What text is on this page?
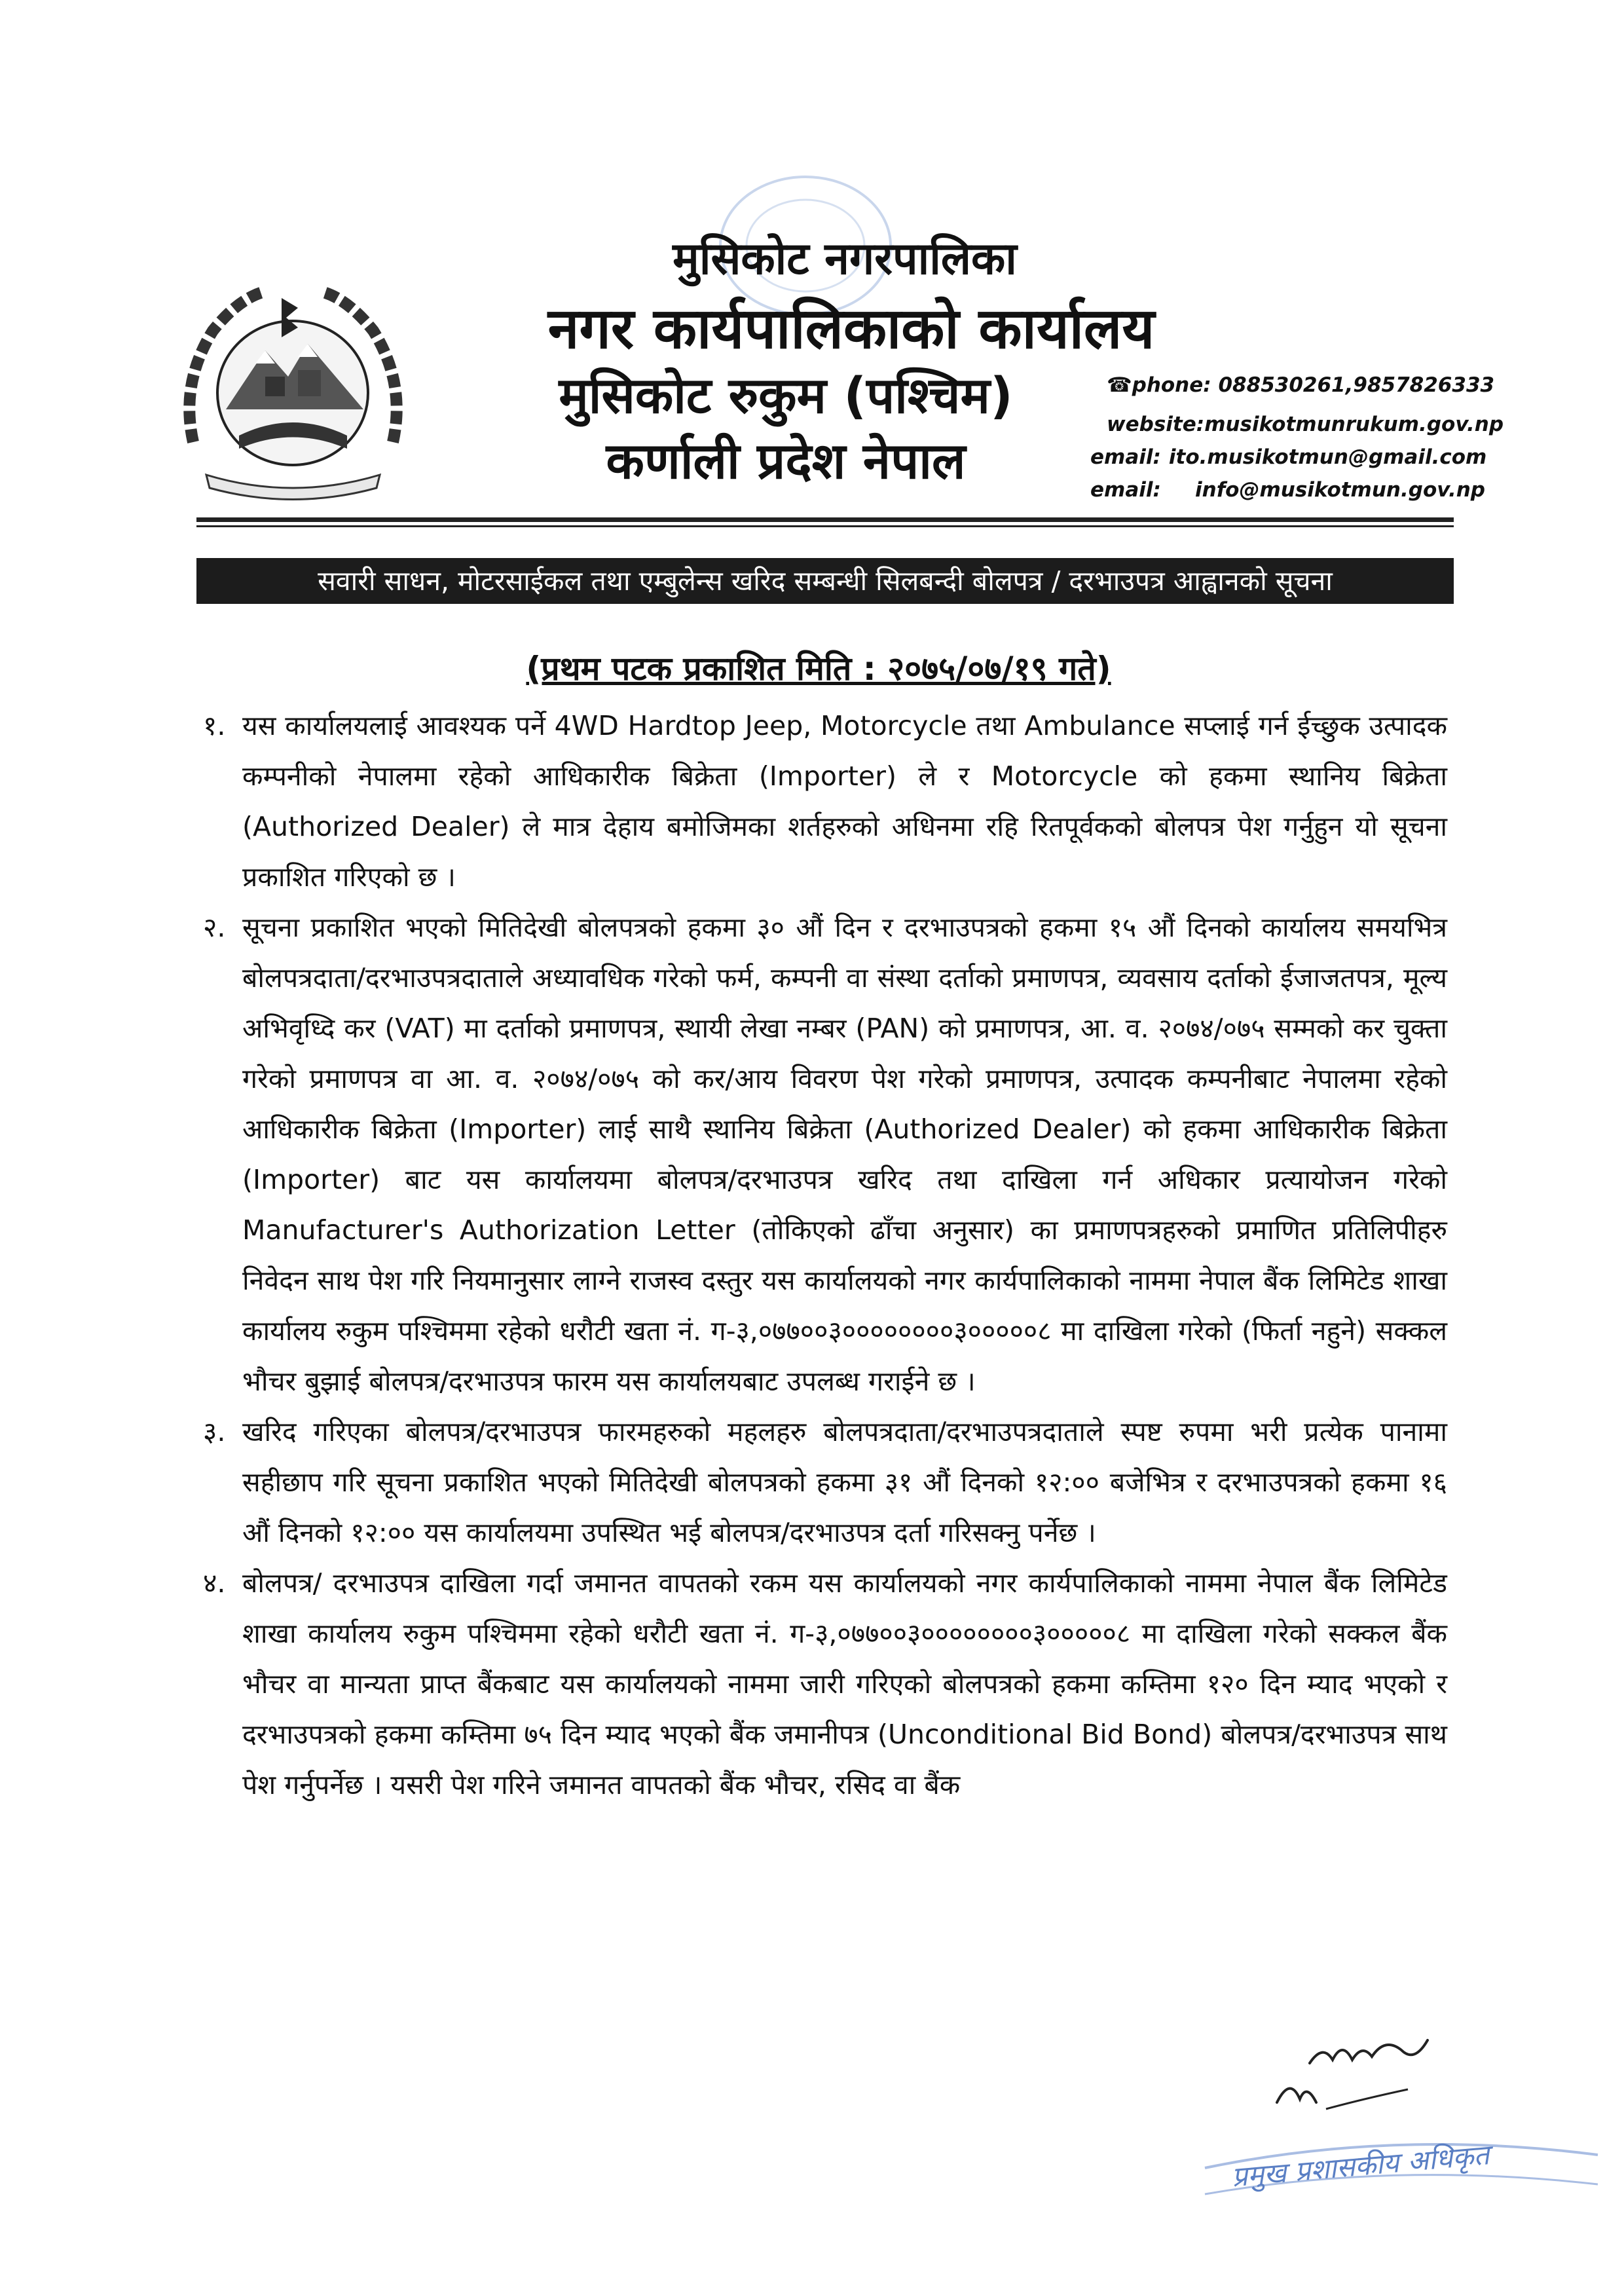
मुसिकोट नगरपालिका
नगर कार्यपालिकाको कार्यालय
मुसिकोट रुकुम (पश्चिम)
कर्णाली प्रदेश नेपाल
☎phone: 088530261,9857826333
website:musikotmunrukum.gov.np
email: ito.musikotmun@gmail.com
email: info@musikotmun.gov.np
सवारी साधन, मोटरसाईकल तथा एम्बुलेन्स खरिद सम्बन्धी सिलबन्दी बोलपत्र / दरभाउपत्र आह्वानको सूचना
(प्रथम पटक प्रकाशित मिति : २०७५/०७/१९ गते)

१. यस कार्यालयलाई आवश्यक पर्ने 4WD Hardtop Jeep, Motorcycle तथा Ambulance सप्लाई गर्न ईच्छुक उत्पादक कम्पनीको नेपालमा रहेको आधिकारीक बिक्रेता (Importer) ले र Motorcycle को हकमा स्थानिय बिक्रेता (Authorized Dealer) ले मात्र देहाय बमोजिमका शर्तहरुको अधिनमा रहि रितपूर्वकको बोलपत्र पेश गर्नुहुन यो सूचना प्रकाशित गरिएको छ ।

२. सूचना प्रकाशित भएको मितिदेखी बोलपत्रको हकमा ३० औं दिन र दरभाउपत्रको हकमा १५ औं दिनको कार्यालय समयभित्र बोलपत्रदाता/दरभाउपत्रदाताले अध्यावधिक गरेको फर्म, कम्पनी वा संस्था दर्ताको प्रमाणपत्र, व्यवसाय दर्ताको ईजाजतपत्र, मूल्य अभिवृध्दि कर (VAT) मा दर्ताको प्रमाणपत्र, स्थायी लेखा नम्बर (PAN) को प्रमाणपत्र, आ. व. २०७४/०७५ सम्मको कर चुक्ता गरेको प्रमाणपत्र वा आ. व. २०७४/०७५ को कर/आय विवरण पेश गरेको प्रमाणपत्र, उत्पादक कम्पनीबाट नेपालमा रहेको आधिकारीक बिक्रेता (Importer) लाई साथै स्थानिय बिक्रेता (Authorized Dealer) को हकमा आधिकारीक बिक्रेता (Importer) बाट यस कार्यालयमा बोलपत्र/दरभाउपत्र खरिद तथा दाखिला गर्न अधिकार प्रत्यायोजन गरेको Manufacturer's Authorization Letter (तोकिएको ढाँचा अनुसार) का प्रमाणपत्रहरुको प्रमाणित प्रतिलिपीहरु निवेदन साथ पेश गरि नियमानुसार लाग्ने राजस्व दस्तुर यस कार्यालयको नगर कार्यपालिकाको नाममा नेपाल बैंक लिमिटेड शाखा कार्यालय रुकुम पश्चिममा रहेको धरौटी खता नं. ग-३,०७७००३००००००००३०००००८ मा दाखिला गरेको (फिर्ता नहुने) सक्कल भौचर बुझाई बोलपत्र/दरभाउपत्र फारम यस कार्यालयबाट उपलब्ध गराईने छ ।

३. खरिद गरिएका बोलपत्र/दरभाउपत्र फारमहरुको महलहरु बोलपत्रदाता/दरभाउपत्रदाताले स्पष्ट रुपमा भरी प्रत्येक पानामा सहीछाप गरि सूचना प्रकाशित भएको मितिदेखी बोलपत्रको हकमा ३१ औं दिनको १२:०० बजेभित्र र दरभाउपत्रको हकमा १६ औं दिनको १२:०० यस कार्यालयमा उपस्थित भई बोलपत्र/दरभाउपत्र दर्ता गरिसक्नु पर्नेछ ।

४. बोलपत्र/ दरभाउपत्र दाखिला गर्दा जमानत वापतको रकम यस कार्यालयको नगर कार्यपालिकाको नाममा नेपाल बैंक लिमिटेड शाखा कार्यालय रुकुम पश्चिममा रहेको धरौटी खता नं. ग-३,०७७००३००००००००३०००००८ मा दाखिला गरेको सक्कल बैंक भौचर वा मान्यता प्राप्त बैंकबाट यस कार्यालयको नाममा जारी गरिएको बोलपत्रको हकमा कम्तिमा १२० दिन म्याद भएको र दरभाउपत्रको हकमा कम्तिमा ७५ दिन म्याद भएको बैंक जमानीपत्र (Unconditional Bid Bond) बोलपत्र/दरभाउपत्र साथ पेश गर्नुपर्नेछ । यसरी पेश गरिने जमानत वापतको बैंक भौचर, रसिद वा बैंक

प्रमुख प्रशासकीय अधिकृत
